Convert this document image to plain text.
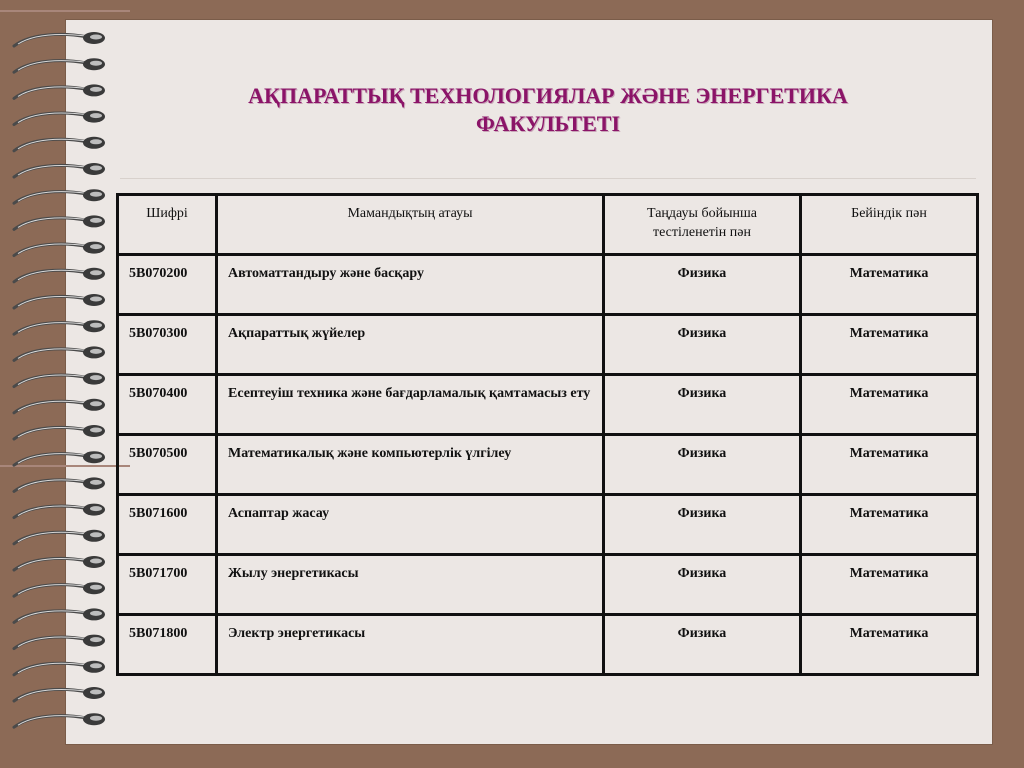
АҚПАРАТТЫҚ ТЕХНОЛОГИЯЛАР ЖӘНЕ ЭНЕРГЕТИКА
ФАКУЛЬТЕТІ
Шифрі	Мамандықтың атауы	Таңдауы бойынша тестіленетін пән	Бейіндік пән
5В070200	Автоматтандыру және басқару	Физика	Математика
5В070300	Ақпараттық жүйелер	Физика	Математика
5В070400	Есептеуіш техника және бағдарламалық қамтамасыз ету	Физика	Математика
5В070500	Математикалық және компьютерлік үлгілеу	Физика	Математика
5В071600	Аспаптар жасау	Физика	Математика
5В071700	Жылу энергетикасы	Физика	Математика
5В071800	Электр энергетикасы	Физика	Математика
